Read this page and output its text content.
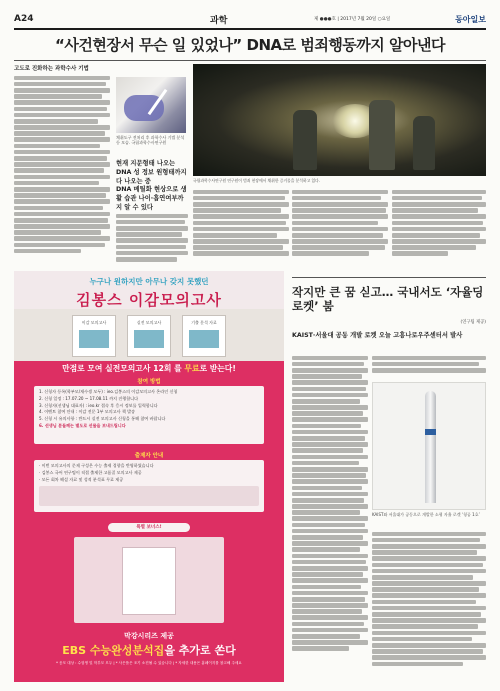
A24	과학	제 ●●●호 | 2017년 7월 20일 ○요일	동아일보
“사건현장서 무슨 일 있었나” DNA로 범죄행동까지 알아낸다
고도로 진화하는 과학수사 기법
채취도구 전처리 후 과학수사 기법 분석 등 모습. 국립과학수사연구원
국립과학수사연구원 연구원이 범죄 현장에서 채취한 증거물을 분석하고 있다.
현재 지문형태 나오는 DNA 성 정보 원형태까지 다 나오는 중
DNA 메틸화 현상으로 생활 습관 나이·흡연여부까지 알 수 있다
누구나 원하지만 아무나 갖지 못했던
김봉스 이감모의고사
이감 모의고사	실전 모의고사	기출 분석 자료
만점로 모여 실전모의고사 12회 를 무료로 받는다!
참여 방법
1. 신청자 등록(학부모/재수생 모두) : ieo.김봉스의 이감모의고사 온라인 신청
2. 신청 일정 : 17.07.20 ~ 17.08.11 까지 진행합니다
3. 신청자(선생님 대표자) : ieo.kr 접속 후 응시 정보를 입력합니다
4. 이벤트 참여 안내 : 이감 전문 1부 모의고사 책 발송
5. 신청 시 유의사항 : 반드시 실전 모의고사 신청을 통해 참여 바랍니다
6. 선생님 분들께는 별도로 선물을 보내드립니다
출제자 안내
· 이번 모의고사의 문제 구성은 수능 출제 경향을 반영하였습니다
· 김봉스 국어 연구팀이 직접 출제한 고품질 모의고사 제공
· 모든 회차 해설 자료 및 성적 분석표 무료 제공
특별 보너스!
막강시리즈 제공
EBS 수능완성분석집을 추가로 쏜다
* 응모 대상 : 수험생 및 학부모 모두 | * 사은품은 조기 소진될 수 있습니다 | * 자세한 내용은 홈페이지를 참고해 주세요
작지만 큰 꿈 싣고… 국내서도 ‘자율딩 로켓’ 붐
(연구팀 제공)
KAIST·서울대 공동 개발 로켓 오늘 고흥나로우주센터서 발사
KAIST와 서울대가 공동으로 개발한 소형 자율 로켓 ‘청공 1호’
